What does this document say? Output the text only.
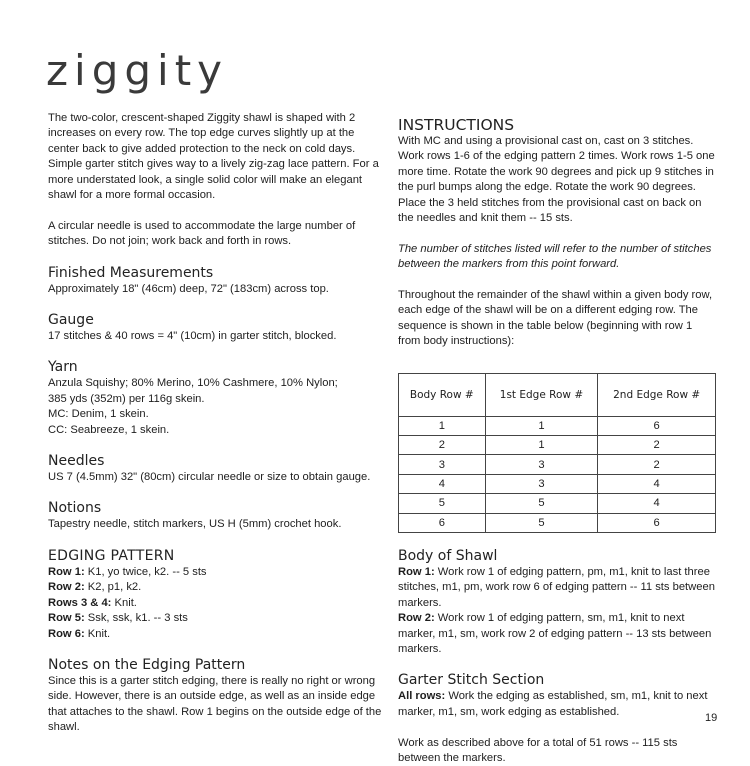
ziggity

The two-color, crescent-shaped Ziggity shawl is shaped with 2 increases on every row. The top edge curves slightly up at the center back to give added protection to the neck on cold days. Simple garter stitch gives way to a lively zig-zag lace pattern. For a more understated look, a single solid color will make an elegant shawl for a more formal occasion.

A circular needle is used to accommodate the large number of stitches. Do not join; work back and forth in rows.

Finished Measurements

Approximately 18" (46cm) deep, 72" (183cm) across top.

Gauge

17 stitches & 40 rows = 4" (10cm) in garter stitch, blocked.

Yarn

Anzula Squishy; 80% Merino, 10% Cashmere, 10% Nylon;

385 yds (352m) per 116g skein.

MC: Denim, 1 skein.

CC: Seabreeze, 1 skein.

Needles

US 7 (4.5mm) 32" (80cm) circular needle or size to obtain gauge.

Notions

Tapestry needle, stitch markers, US H (5mm) crochet hook.

EDGING PATTERN

Row 1: K1, yo twice, k2. -- 5 sts

Row 2: K2, p1, k2.

Rows 3 & 4: Knit.

Row 5: Ssk, ssk, k1. -- 3 sts

Row 6: Knit.

Notes on the Edging Pattern

Since this is a garter stitch edging, there is really no right or wrong side. However, there is an outside edge, as well as an inside edge that attaches to the shawl. Row 1 begins on the outside edge of the shawl.

INSTRUCTIONS

With MC and using a provisional cast on, cast on 3 stitches. Work rows 1-6 of the edging pattern 2 times. Work rows 1-5 one more time. Rotate the work 90 degrees and pick up 9 stitches in the purl bumps along the edge. Rotate the work 90 degrees. Place the 3 held stitches from the provisional cast on back on the needles and knit them -- 15 sts.

The number of stitches listed will refer to the number of stitches between the markers from this point forward.

Throughout the remainder of the shawl within a given body row, each edge of the shawl will be on a different edging row. The sequence is shown in the table below (beginning with row 1 from body instructions):

Body Row #	1st Edge Row #	2nd Edge Row #
1	1	6
2	1	2
3	3	2
4	3	4
5	5	4
6	5	6
Body of Shawl

Row 1: Work row 1 of edging pattern, pm, m1, knit to last three stitches, m1, pm, work row 6 of edging pattern -- 11 sts between markers.

Row 2: Work row 1 of edging pattern, sm, m1, knit to next marker, m1, sm, work row 2 of edging pattern -- 13 sts between markers.

Garter Stitch Section

All rows: Work the edging as established, sm, m1, knit to next marker, m1, sm, work edging as established.

Work as described above for a total of 51 rows -- 115 sts between the markers.

19
